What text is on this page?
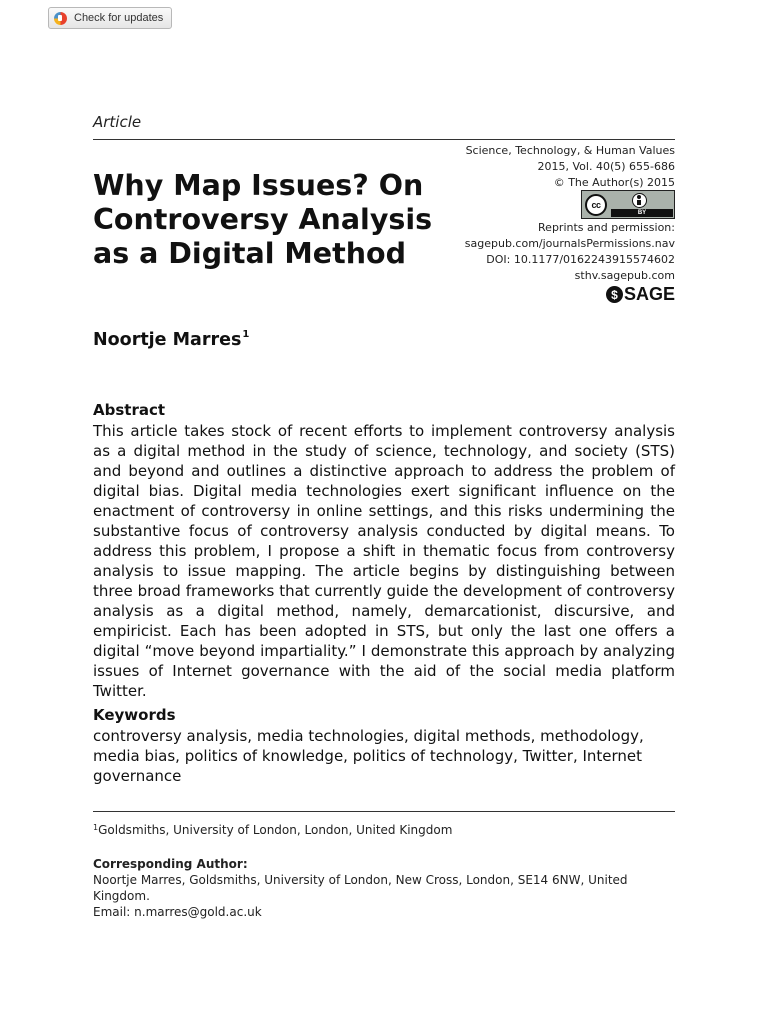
Check for updates
Article
Why Map Issues? On Controversy Analysis as a Digital Method
Science, Technology, & Human Values
2015, Vol. 40(5) 655-686
© The Author(s) 2015
cc
BY
Reprints and permission:
sagepub.com/journalsPermissions.nav
DOI: 10.1177/0162243915574602
sthv.sagepub.com
$ SAGE
Noortje Marres$^1$
Abstract

This article takes stock of recent efforts to implement controversy analysis as a digital method in the study of science, technology, and society (STS) and beyond and outlines a distinctive approach to address the problem of digital bias. Digital media technologies exert significant influence on the enactment of controversy in online settings, and this risks undermining the substantive focus of controversy analysis conducted by digital means. To address this problem, I propose a shift in thematic focus from controversy analysis to issue mapping. The article begins by distinguishing between three broad frameworks that currently guide the development of controversy analysis as a digital method, namely, demarcationist, discursive, and empiricist. Each has been adopted in STS, but only the last one offers a digital “move beyond impartiality.” I demonstrate this approach by analyzing issues of Internet governance with the aid of the social media platform Twitter.

Keywords

controversy analysis, media technologies, digital methods, methodology, media bias, politics of knowledge, politics of technology, Twitter, Internet governance

$^1$Goldsmiths, University of London, London, United Kingdom
Corresponding Author:
Noortje Marres, Goldsmiths, University of London, New Cross, London, SE14 6NW, United Kingdom.
Email: n.marres@gold.ac.uk
